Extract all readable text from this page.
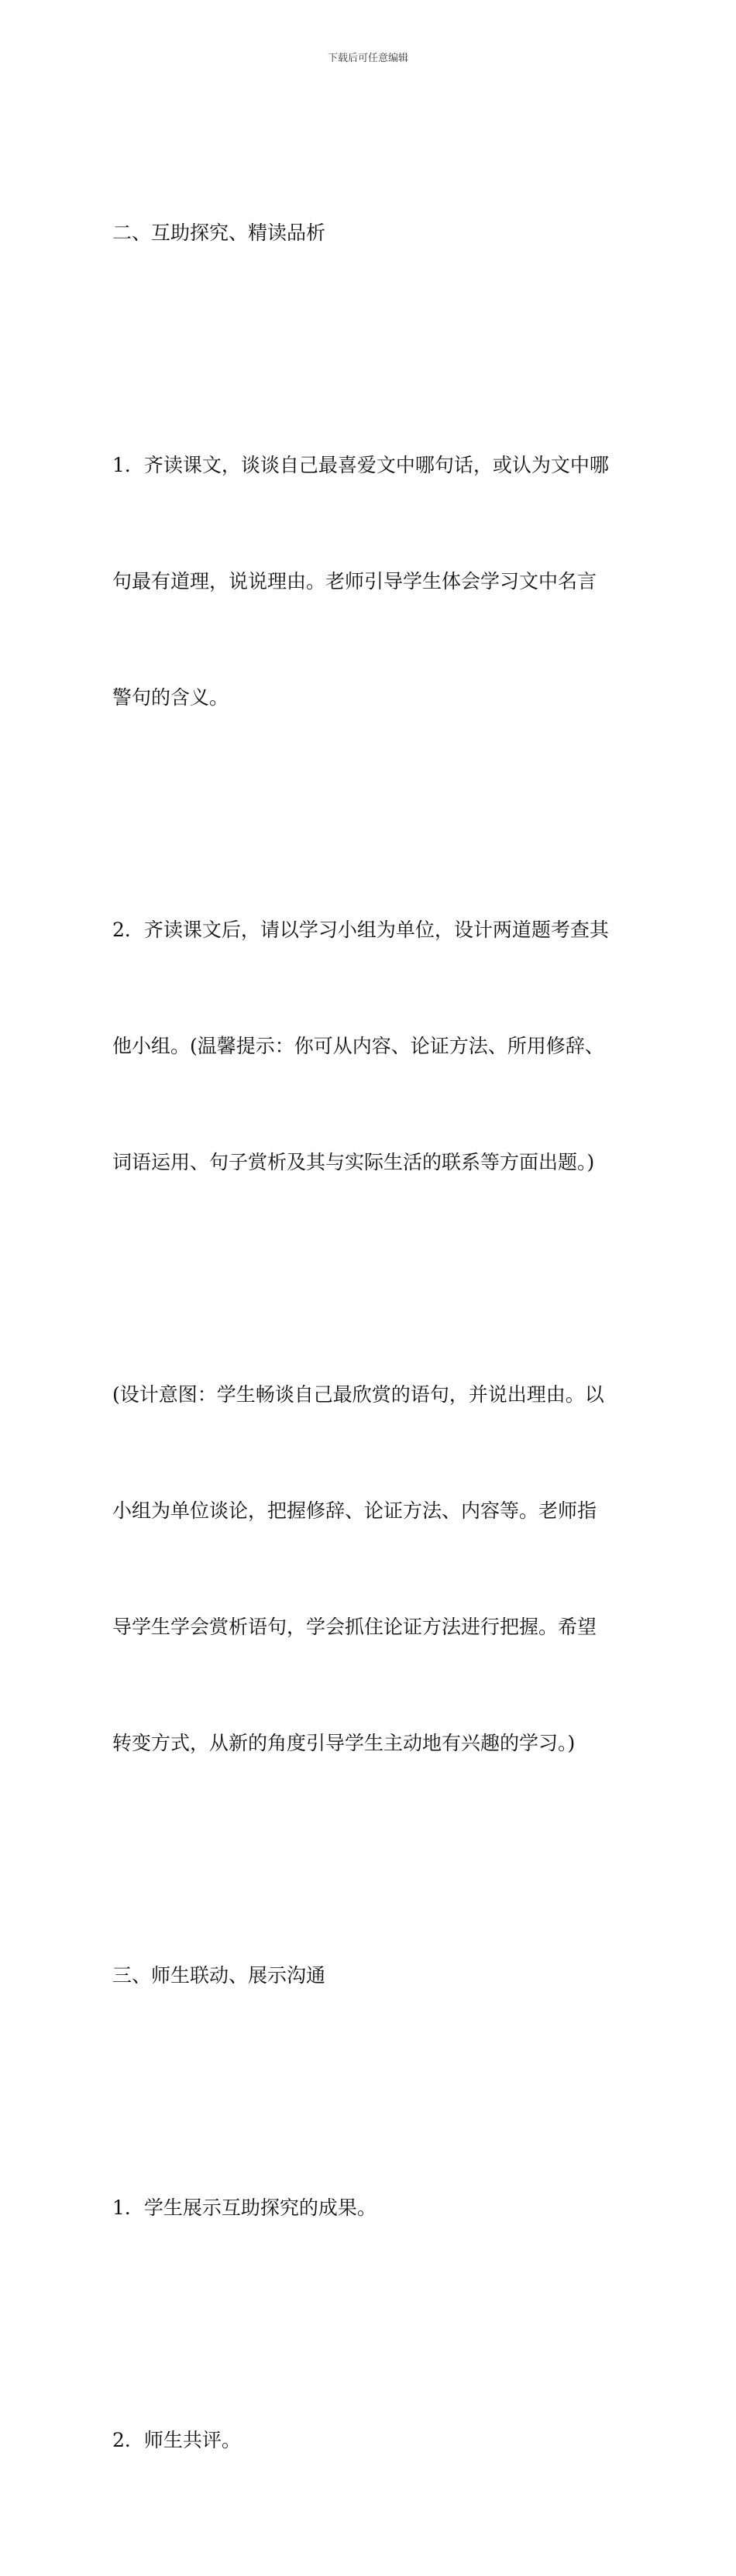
下载后可任意编辑

二、互助探究、精读品析

1．齐读课文，谈谈自己最喜爱文中哪句话，或认为文中哪

句最有道理，说说理由。老师引导学生体会学习文中名言

警句的含义。

2．齐读课文后，请以学习小组为单位，设计两道题考查其

他小组。(温馨提示：你可从内容、论证方法、所用修辞、

词语运用、句子赏析及其与实际生活的联系等方面出题。)

(设计意图：学生畅谈自己最欣赏的语句，并说出理由。以

小组为单位谈论，把握修辞、论证方法、内容等。老师指

导学生学会赏析语句，学会抓住论证方法进行把握。希望

转变方式，从新的角度引导学生主动地有兴趣的学习。)

三、师生联动、展示沟通

1．学生展示互助探究的成果。

2．师生共评。
